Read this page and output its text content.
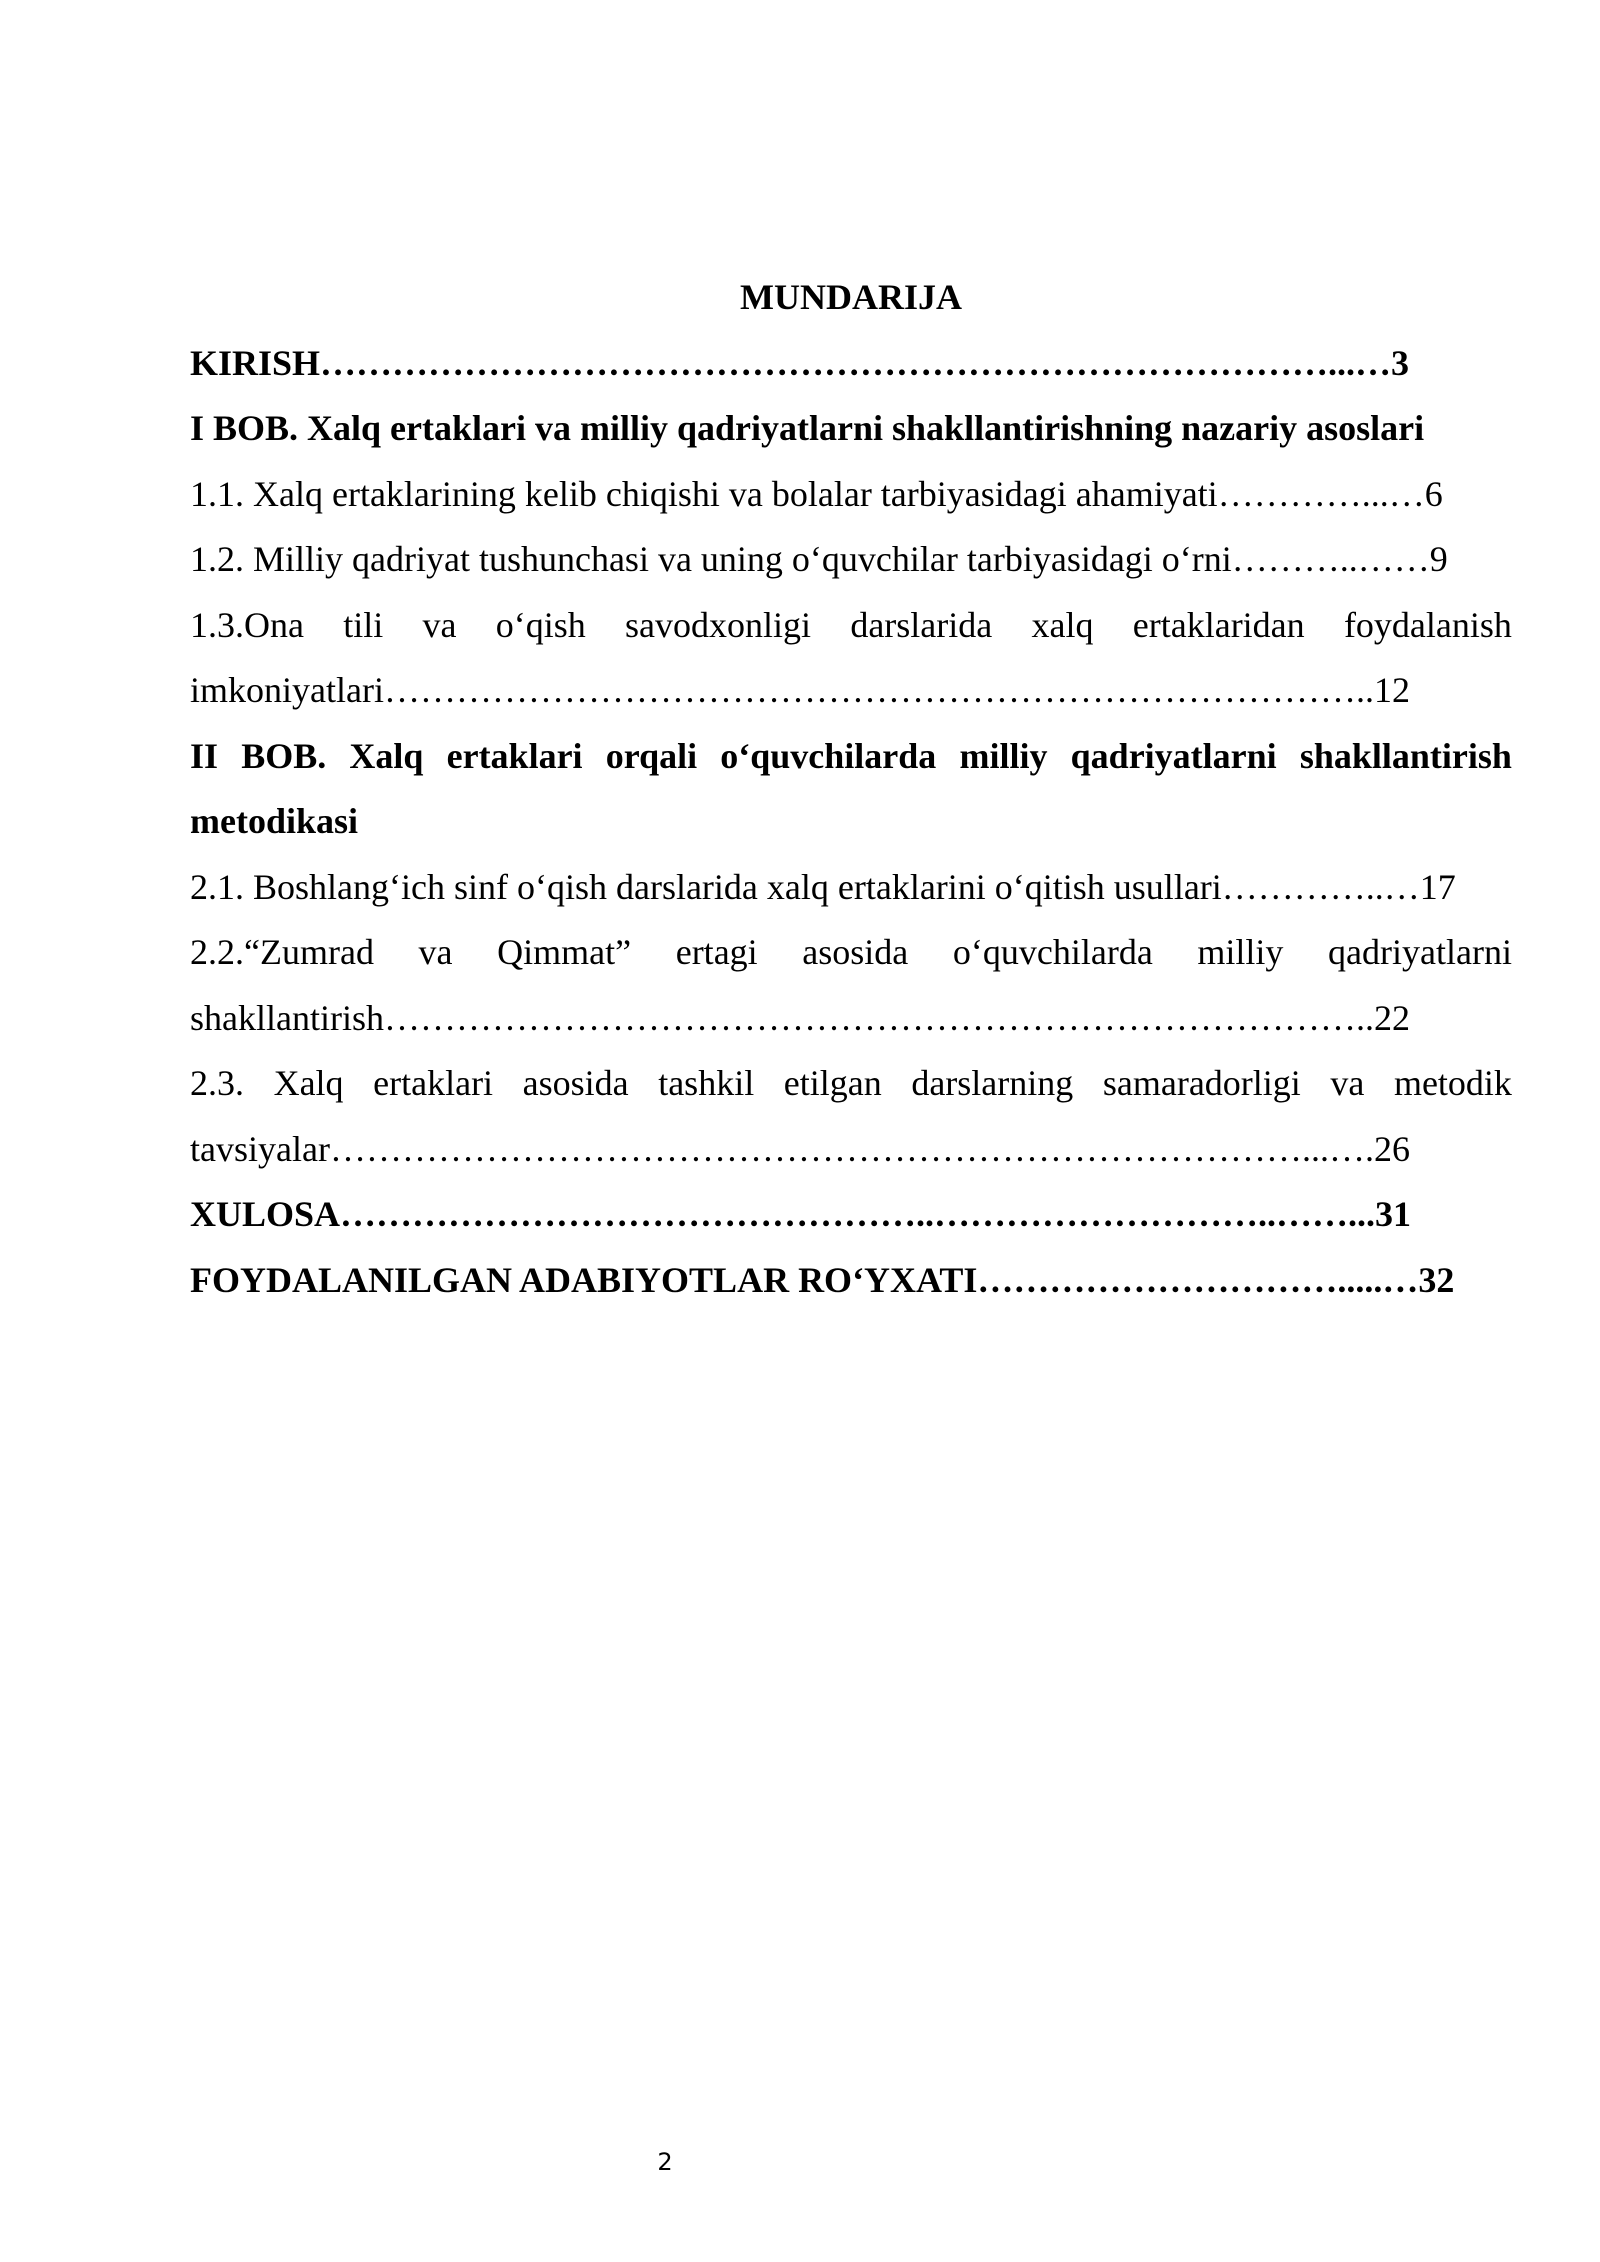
MUNDARIJA
KIRISH…………………………………………………………………………...…3
I BOB. Xalq ertaklari va milliy qadriyatlarni shakllantirishning nazariy asoslari
1.1. Xalq ertaklarining kelib chiqishi va bolalar tarbiyasidagi ahamiyati…………...…6
1.2. Milliy qadriyat tushunchasi va uning o‘quvchilar tarbiyasidagi o‘rni………..……9
1.3.Ona tili va o‘qish savodxonligi darslarida xalq ertaklaridan foydalanish
imkoniyatlari………………………………………………………………………..12
II BOB. Xalq ertaklari orqali o‘quvchilarda milliy qadriyatlarni shakllantirish
metodikasi
2.1. Boshlang‘ich sinf o‘qish darslarida xalq ertaklarini o‘qitish usullari…………..…17
2.2.“Zumrad va Qimmat” ertagi asosida o‘quvchilarda milliy qadriyatlarni
shakllantirish………………………………………………………………………..22
2.3. Xalq ertaklari asosida tashkil etilgan darslarning samaradorligi va metodik
tavsiyalar………………………………………………………………………...….26
XULOSA…………………………………………..………………………..……...31
FOYDALANILGAN ADABIYOTLAR RO‘YXATI………………………….....…32
2
